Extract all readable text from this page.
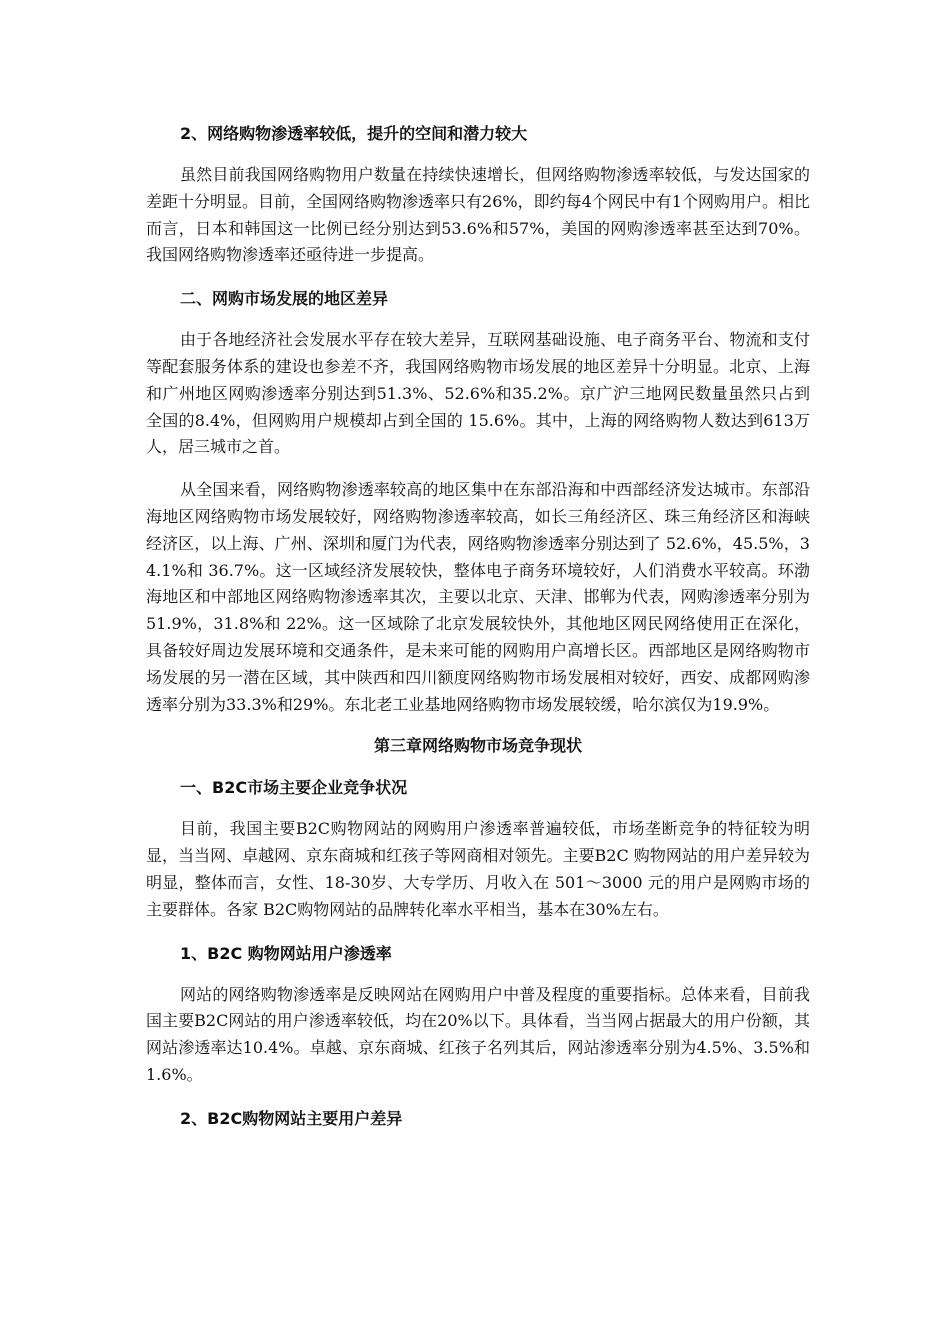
2、网络购物渗透率较低，提升的空间和潜力较大

虽然目前我国网络购物用户数量在持续快速增长，但网络购物渗透率较低，与发达国家的差距十分明显。目前，全国网络购物渗透率只有26%，即约每4个网民中有1个网购用户。相比而言，日本和韩国这一比例已经分别达到53.6%和57%，美国的网购渗透率甚至达到70%。我国网络购物渗透率还亟待进一步提高。

二、网购市场发展的地区差异

由于各地经济社会发展水平存在较大差异，互联网基础设施、电子商务平台、物流和支付等配套服务体系的建设也参差不齐，我国网络购物市场发展的地区差异十分明显。北京、上海和广州地区网购渗透率分别达到51.3%、52.6%和35.2%。京广沪三地网民数量虽然只占到全国的8.4%，但网购用户规模却占到全国的 15.6%。其中，上海的网络购物人数达到613万人，居三城市之首。

从全国来看，网络购物渗透率较高的地区集中在东部沿海和中西部经济发达城市。东部沿海地区网络购物市场发展较好，网络购物渗透率较高，如长三角经济区、珠三角经济区和海峡经济区，以上海、广州、深圳和厦门为代表，网络购物渗透率分别达到了 52.6%，45.5%，34.1%和 36.7%。这一区域经济发展较快，整体电子商务环境较好，人们消费水平较高。环渤海地区和中部地区网络购物渗透率其次，主要以北京、天津、邯郸为代表，网购渗透率分别为51.9%，31.8%和 22%。这一区域除了北京发展较快外，其他地区网民网络使用正在深化，具备较好周边发展环境和交通条件，是未来可能的网购用户高增长区。西部地区是网络购物市场发展的另一潜在区域，其中陕西和四川额度网络购物市场发展相对较好，西安、成都网购渗透率分别为33.3%和29%。东北老工业基地网络购物市场发展较缓，哈尔滨仅为19.9%。

第三章网络购物市场竞争现状

一、B2C市场主要企业竞争状况

目前，我国主要B2C购物网站的网购用户渗透率普遍较低，市场垄断竞争的特征较为明显，当当网、卓越网、京东商城和红孩子等网商相对领先。主要B2C 购物网站的用户差异较为明显，整体而言，女性、18-30岁、大专学历、月收入在 501～3000 元的用户是网购市场的主要群体。各家 B2C购物网站的品牌转化率水平相当，基本在30%左右。

1、B2C 购物网站用户渗透率

网站的网络购物渗透率是反映网站在网购用户中普及程度的重要指标。总体来看，目前我国主要B2C网站的用户渗透率较低，均在20%以下。具体看，当当网占据最大的用户份额，其网站渗透率达10.4%。卓越、京东商城、红孩子名列其后，网站渗透率分别为4.5%、3.5%和1.6%。

2、B2C购物网站主要用户差异
